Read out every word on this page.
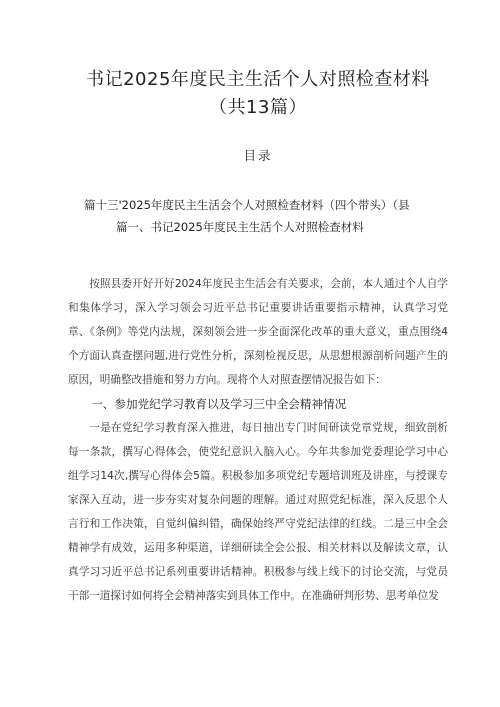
书记2025年度民主生活个人对照检查材料（共13篇）
目录
篇十三'2025年度民主生活会个人对照检查材料（四个带头）（县
篇一、书记2025年度民主生活个人对照检查材料

按照县委开好开好2024年度民主生活会有关要求，会前，本人通过个人自学和集体学习，深入学习领会习近平总书记重要讲话重要指示精神，认真学习党章、《条例》等党内法规，深刻领会进一步全面深化改革的重大意义，重点围绕4个方面认真查摆问题,进行党性分析，深刻检视反思，从思想根源剖析问题产生的原因，明确整改措施和努力方向。现将个人对照查摆情况报告如下：

一、参加党纪学习教育以及学习三中全会精神情况

一是在党纪学习教育深入推进，每日抽出专门时间研读党章党规，细致剖析每一条款，撰写心得体会，使党纪意识入脑入心。今年共参加党委理论学习中心组学习14次,撰写心得体会5篇。积极参加多项党纪专题培训班及讲座，与授课专家深入互动，进一步夯实对复杂问题的理解。通过对照党纪标准，深入反思个人言行和工作决策，自觉纠偏纠错，确保始终严守党纪法律的红线。二是三中全会精神学有成效，运用多种渠道，详细研读全会公报、相关材料以及解读文章，认真学习习近平总书记系列重要讲话精神。积极参与线上线下的讨论交流，与党员干部一道探讨如何将全会精神落实到具体工作中。在准确研判形势、思考单位发
